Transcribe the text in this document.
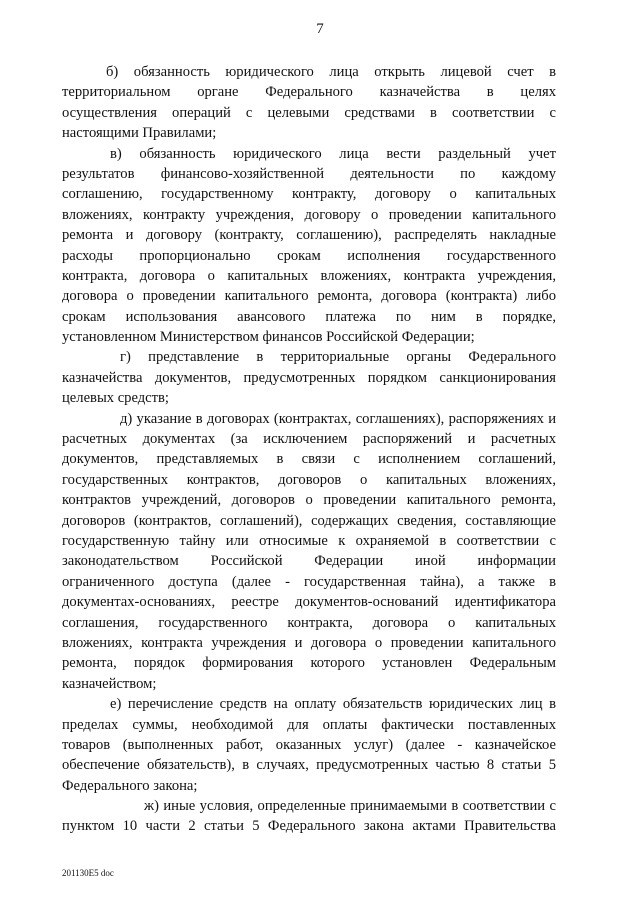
7
б) обязанность юридического лица открыть лицевой счет в
территориальном органе Федерального казначейства в целях
осуществления операций с целевыми средствами в соответствии с
настоящими Правилами;
в) обязанность юридического лица вести раздельный учет
результатов финансово-хозяйственной деятельности по каждому
соглашению, государственному контракту, договору о капитальных
вложениях, контракту учреждения, договору о проведении капитального
ремонта и договору (контракту, соглашению), распределять накладные
расходы пропорционально срокам исполнения государственного
контракта, договора о капитальных вложениях, контракта учреждения,
договора о проведении капитального ремонта, договора (контракта) либо
срокам использования авансового платежа по ним в порядке,
установленном Министерством финансов Российской Федерации;
г) представление в территориальные органы Федерального
казначейства документов, предусмотренных порядком санкционирования
целевых средств;
д) указание в договорах (контрактах, соглашениях), распоряжениях и
расчетных документах (за исключением распоряжений и расчетных
документов, представляемых в связи с исполнением соглашений,
государственных контрактов, договоров о капитальных вложениях,
контрактов учреждений, договоров о проведении капитального ремонта,
договоров (контрактов, соглашений), содержащих сведения, составляющие
государственную тайну или относимые к охраняемой в соответствии с
законодательством Российской Федерации иной информации
ограниченного доступа (далее - государственная тайна), а также в
документах-основаниях, реестре документов-оснований идентификатора
соглашения, государственного контракта, договора о капитальных
вложениях, контракта учреждения и договора о проведении капитального
ремонта, порядок формирования которого установлен Федеральным
казначейством;
е) перечисление средств на оплату обязательств юридических лиц в
пределах суммы, необходимой для оплаты фактически поставленных
товаров (выполненных работ, оказанных услуг) (далее - казначейское
обеспечение обязательств), в случаях, предусмотренных частью 8 статьи 5
Федерального закона;
ж) иные условия, определенные принимаемыми в соответствии с
пунктом 10 части 2 статьи 5 Федерального закона актами Правительства
201130Е5 doc
